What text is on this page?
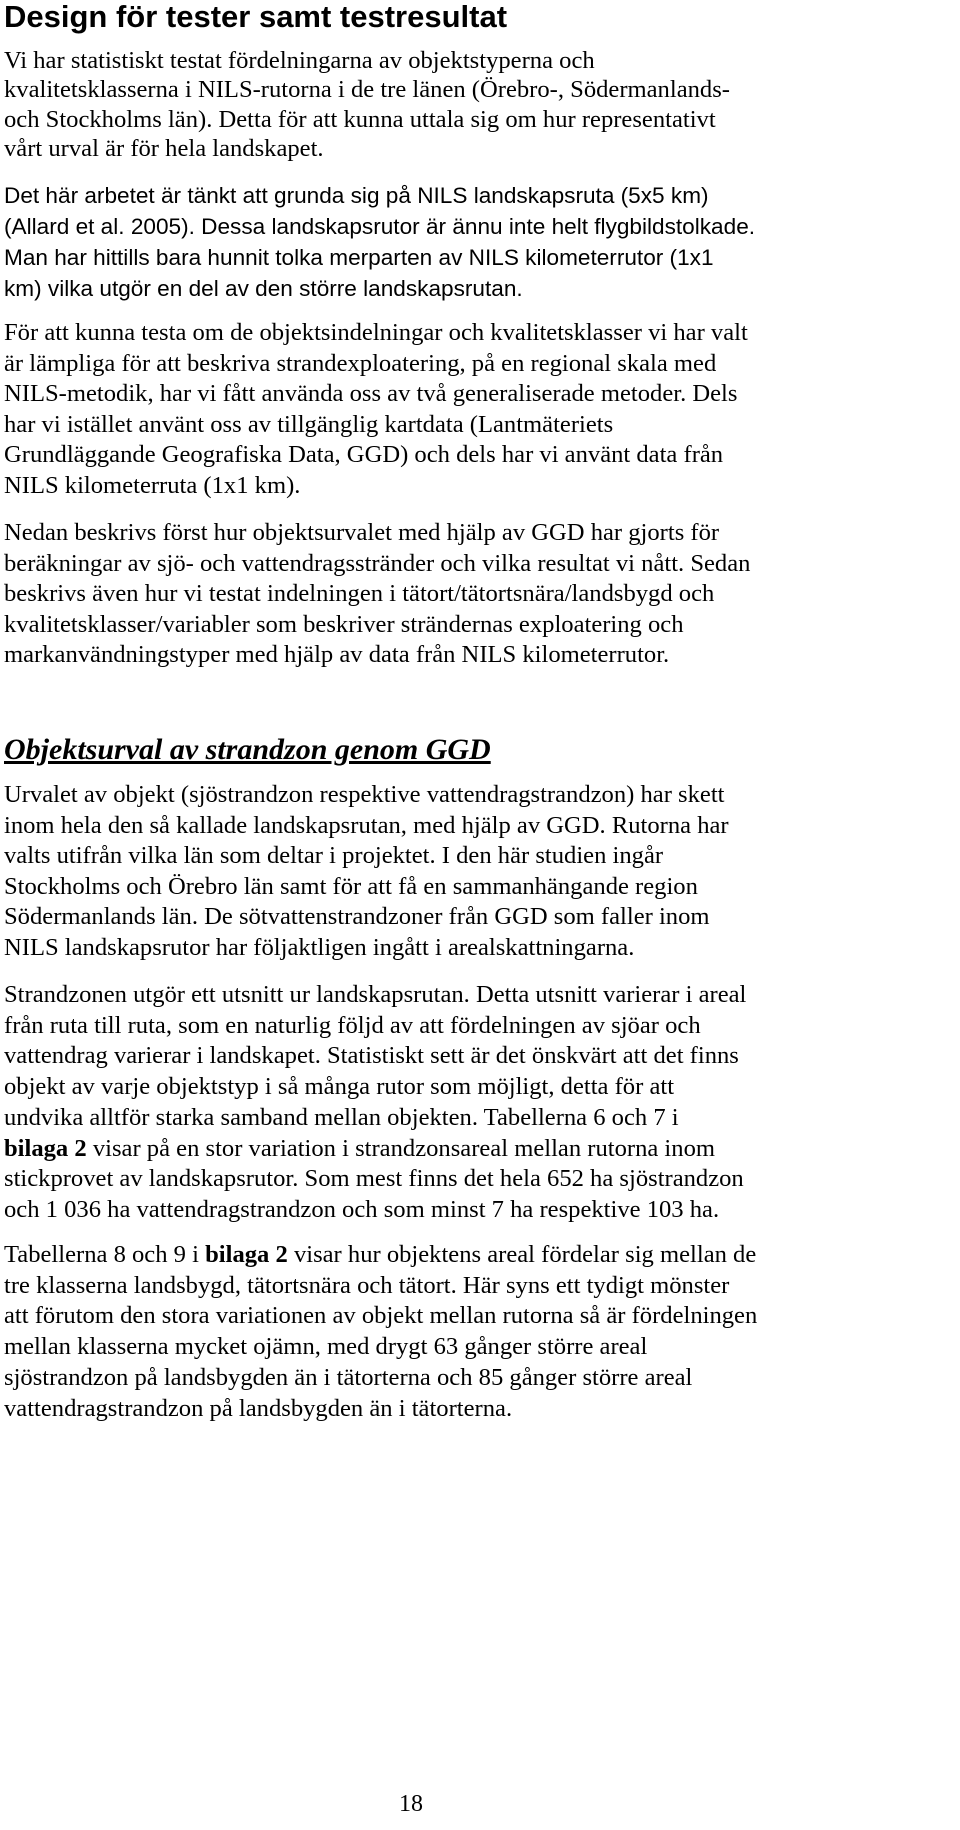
Design för tester samt testresultat
Vi har statistiskt testat fördelningarna av objektstyperna och
kvalitetsklasserna i NILS-rutorna i de tre länen (Örebro-, Södermanlands-
och Stockholms län). Detta för att kunna uttala sig om hur representativt
vårt urval är för hela landskapet.
Det här arbetet är tänkt att grunda sig på NILS landskapsruta (5x5 km)
(Allard et al. 2005). Dessa landskapsrutor är ännu inte helt flygbildstolkade.
Man har hittills bara hunnit tolka merparten av NILS kilometerrutor (1x1
km) vilka utgör en del av den större landskapsrutan.
För att kunna testa om de objektsindelningar och kvalitetsklasser vi har valt
är lämpliga för att beskriva strandexploatering, på en regional skala med
NILS-metodik, har vi fått använda oss av två generaliserade metoder. Dels
har vi istället använt oss av tillgänglig kartdata (Lantmäteriets
Grundläggande Geografiska Data, GGD) och dels har vi använt data från
NILS kilometerruta (1x1 km).
Nedan beskrivs först hur objektsurvalet med hjälp av GGD har gjorts för
beräkningar av sjö- och vattendragsstränder och vilka resultat vi nått. Sedan
beskrivs även hur vi testat indelningen i tätort/tätortsnära/landsbygd och
kvalitetsklasser/variabler som beskriver strändernas exploatering och
markanvändningstyper med hjälp av data från NILS kilometerrutor.
Objektsurval av strandzon genom GGD
Urvalet av objekt (sjöstrandzon respektive vattendragstrandzon) har skett
inom hela den så kallade landskapsrutan, med hjälp av GGD. Rutorna har
valts utifrån vilka län som deltar i projektet. I den här studien ingår
Stockholms och Örebro län samt för att få en sammanhängande region
Södermanlands län. De sötvattenstrandzoner från GGD som faller inom
NILS landskapsrutor har följaktligen ingått i arealskattningarna.
Strandzonen utgör ett utsnitt ur landskapsrutan. Detta utsnitt varierar i areal
från ruta till ruta, som en naturlig följd av att fördelningen av sjöar och
vattendrag varierar i landskapet. Statistiskt sett är det önskvärt att det finns
objekt av varje objektstyp i så många rutor som möjligt, detta för att
undvika alltför starka samband mellan objekten. Tabellerna 6 och 7 i
bilaga 2 visar på en stor variation i strandzonsareal mellan rutorna inom
stickprovet av landskapsrutor. Som mest finns det hela 652 ha sjöstrandzon
och 1 036 ha vattendragstrandzon och som minst 7 ha respektive 103 ha.
Tabellerna 8 och 9 i bilaga 2 visar hur objektens areal fördelar sig mellan de
tre klasserna landsbygd, tätortsnära och tätort. Här syns ett tydigt mönster
att förutom den stora variationen av objekt mellan rutorna så är fördelningen
mellan klasserna mycket ojämn, med drygt 63 gånger större areal
sjöstrandzon på landsbygden än i tätorterna och 85 gånger större areal
vattendragstrandzon på landsbygden än i tätorterna.
18
